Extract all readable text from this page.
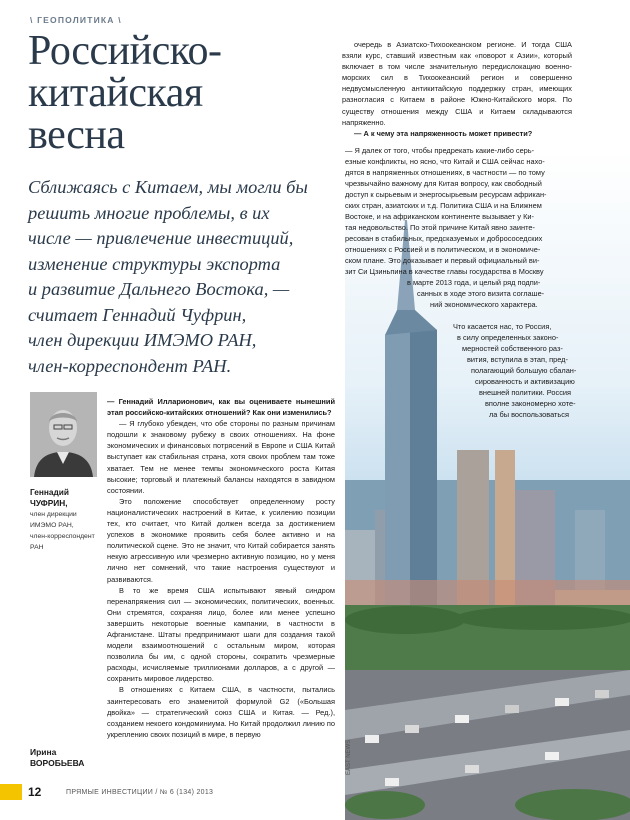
\ ГЕОПОЛИТИКА \
Российско-
китайская
весна
Сближаясь с Китаем, мы могли бы
решить многие проблемы, в их
числе — привлечение инвестиций,
изменение структуры экспорта
и развитие Дальнего Востока, —
считает Геннадий Чуфрин,
член дирекции ИМЭМО РАН,
член-корреспондент РАН.
Геннадий
ЧУФРИН,
член дирекции
ИМЭМО РАН,
член-корреспондент
РАН
Ирина
ВОРОБЬЕВА

— Геннадий Илларионович, как вы оцениваете нынешний этап российско-китайских отношений? Как они изменились?

— Я глубоко убежден, что обе стороны по разным причинам подошли к знаковому рубежу в своих отношениях. На фоне экономических и финансовых потрясений в Европе и США Китай выступает как стабильная страна, хотя своих проблем там тоже хватает. Тем не менее темпы экономического роста Китая высокие; торговый и платежный балансы находятся в завидном состоянии.

Это положение способствует определенному росту националистических настроений в Китае, к усилению позиции тех, кто считает, что Китай должен всегда за достижением успехов в экономике проявить себя более активно и на политической сцене. Это не значит, что Китай собирается занять некую агрессивную или чрезмерно активную позицию, но у меня лично нет сомнений, что такие настроения существуют и развиваются.

В то же время США испытывают явный синдром перенапряжения сил — экономических, политических, военных. Они стремятся, сохраняя лицо, более или менее успешно завершить некоторые военные кампании, в частности в Афганистане. Штаты предпринимают шаги для создания такой модели взаимоотношений с остальным миром, которая позволила бы им, с одной стороны, сократить чрезмерные расходы, исчисляемые триллионами долларов, а с другой — сохранить мировое лидерство.

В отношениях с Китаем США, в частности, пытались заинтересовать его знаменитой формулой G2 («Большая двойка» — стратегический союз США и Китая. — Ред.), созданием некоего кондоминиума. Но Китай продолжил линию по укреплению своих позиций в мире, в первую

очередь в Азиатско-Тихоокеанском регионе. И тогда США взяли курс, ставший известным как «поворот к Азии», который включает в том числе значительную передислокацию военно-морских сил в Тихоокеанский регион и совершенно недвусмысленную антикитайскую поддержку стран, имеющих разногласия с Китаем в районе Южно-Китайского моря. По существу отношения между США и Китаем складываются напряженно.

— А к чему эта напряженность может привести?

— Я далек от того, чтобы предрекать какие-либо серь-
езные конфликты, но ясно, что Китай и США сейчас нахо-
дятся в напряженных отношениях, в частности — по тому
чрезвычайно важному для Китая вопросу, как свободный
доступ к сырьевым и энергосырьевым ресурсам африкан-
ских стран, азиатских и т.д. Политика США и на Ближнем
Востоке, и на африканском континенте вызывает у Ки-
тая недовольство. По этой причине Китай явно заинте-
ресован в стабильных, предсказуемых и добрососедских
отношениях с Россией и в политическом, и в экономиче-
ском плане. Это доказывает и первый официальный ви-
зит Си Цзиньпина в качестве главы государства в Москву
в марте 2013 года, и целый ряд подпи-
санных в ходе этого визита соглаше-
ний экономического характера.
Что касается нас, то Россия,
в силу определенных законо-
мерностей собственного раз-
вития, вступила в этап, пред-
полагающий большую сбалан-
сированность и активизацию
внешней политики. Россия
вполне закономерно хоте-
ла бы воспользоваться
12	ПРЯМЫЕ ИНВЕСТИЦИИ / № 6 (134) 2013
EAST NEWS
